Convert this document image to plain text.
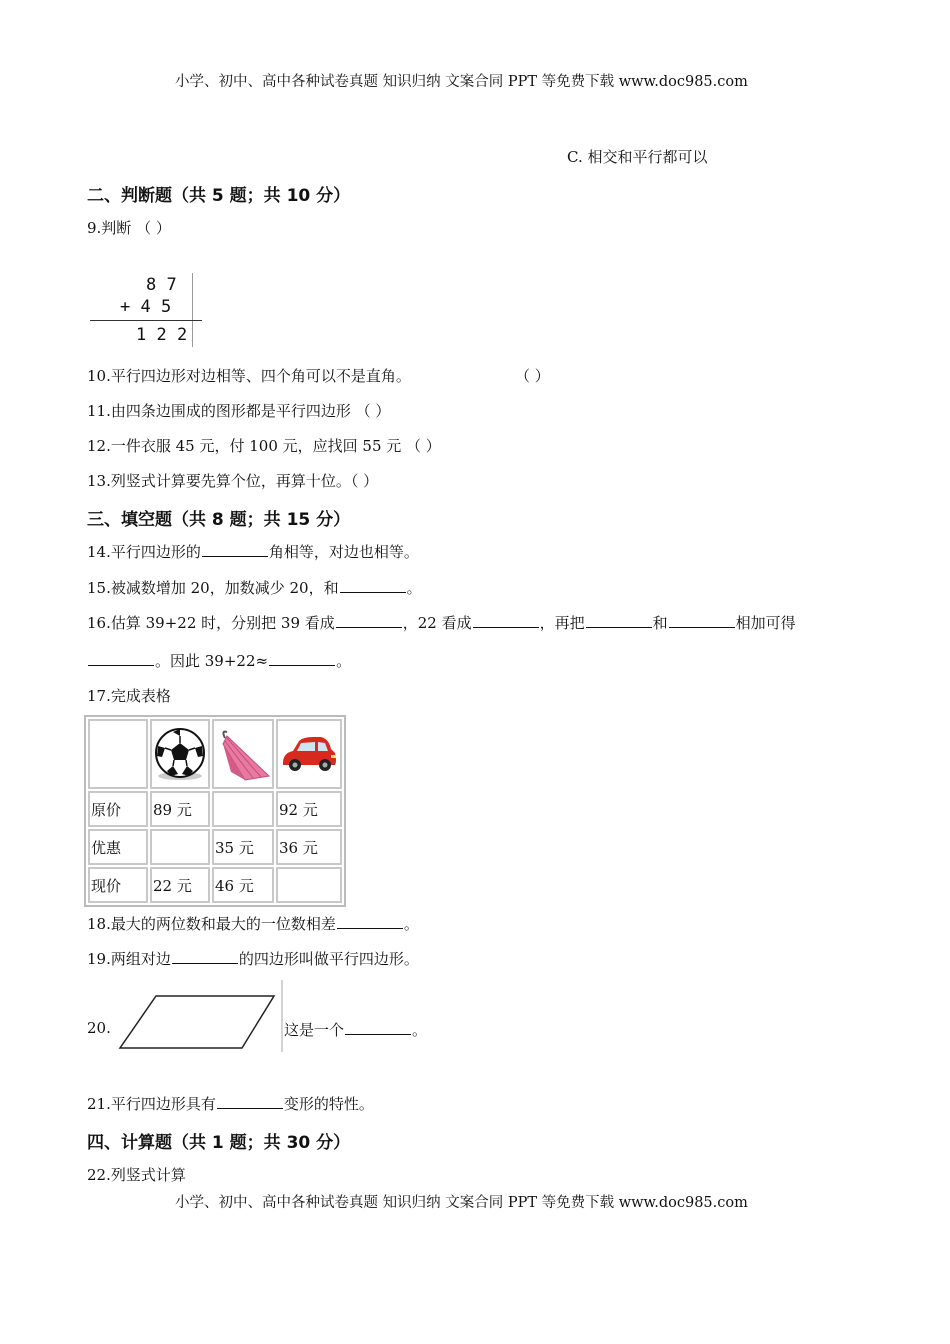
小学、初中、高中各种试卷真题 知识归纳 文案合同 PPT 等免费下载 www.doc985.com
C. 相交和平行都可以
二、判断题（共 5 题；共 10 分）
9.判断 （ ）
8 7
+ 4 5
1 2 2
10.平行四边形对边相等、四个角可以不是直角。	（ ）
11.由四条边围成的图形都是平行四边形 （ ）
12.一件衣服 45 元，付 100 元，应找回 55 元 （ ）
13.列竖式计算要先算个位，再算十位。（ ）
三、填空题（共 8 题；共 15 分）
14.平行四边形的	角相等，对边也相等。
15.被减数增加 20，加数减少 20，和	。
16.估算 39+22 时，分别把 39 看成	，22 看成	，再把	和	相加可得
。因此 39+22≈	。
17.完成表格

原价	89 元		92 元
优惠		35 元	36 元
现价	22 元	46 元	
18.最大的两位数和最大的一位数相差	。
19.两组对边	的四边形叫做平行四边形。
20.	这是一个	。
21.平行四边形具有	变形的特性。
四、计算题（共 1 题；共 30 分）
22.列竖式计算
小学、初中、高中各种试卷真题 知识归纳 文案合同 PPT 等免费下载 www.doc985.com
